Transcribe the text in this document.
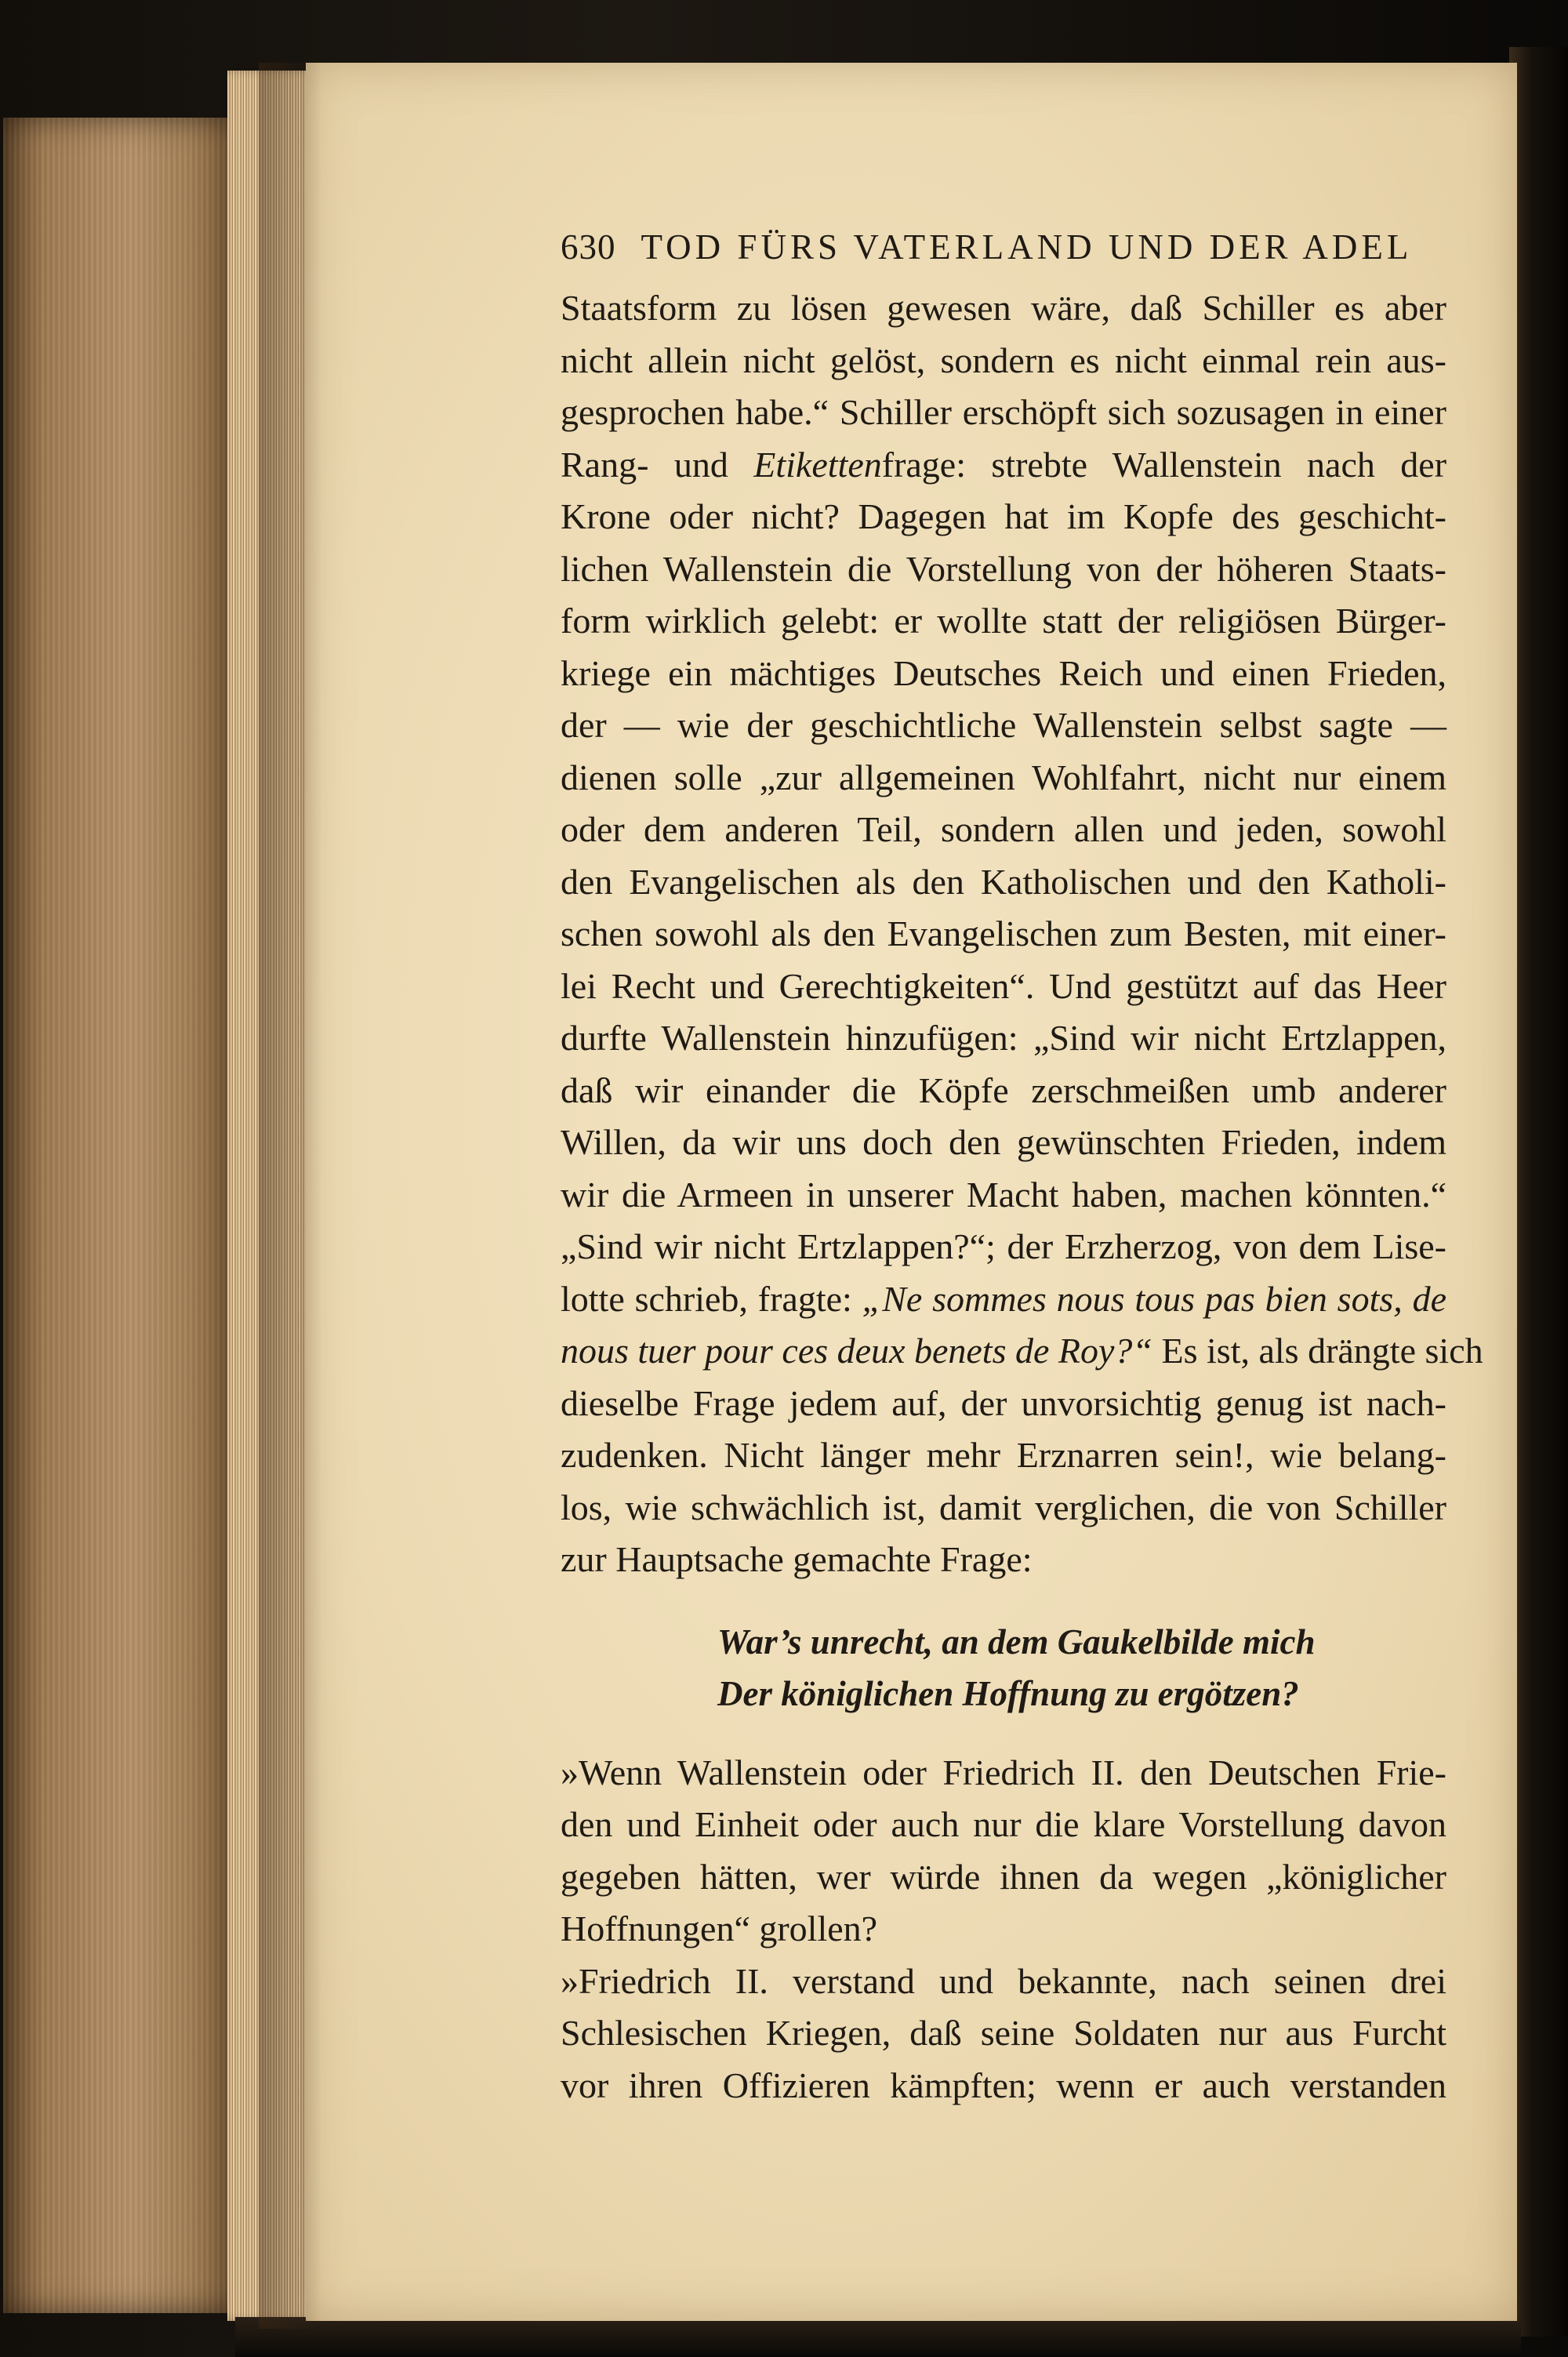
630 TOD FÜRS VATERLAND UND DER ADEL
Staatsform zu lösen gewesen wäre, daß Schiller es aber
nicht allein nicht gelöst, sondern es nicht einmal rein aus-
gesprochen habe.“ Schiller erschöpft sich sozusagen in einer
Rang- und Etikettenfrage: strebte Wallenstein nach der
Krone oder nicht? Dagegen hat im Kopfe des geschicht-
lichen Wallenstein die Vorstellung von der höheren Staats-
form wirklich gelebt: er wollte statt der religiösen Bürger-
kriege ein mächtiges Deutsches Reich und einen Frieden,
der — wie der geschichtliche Wallenstein selbst sagte —
dienen solle „zur allgemeinen Wohlfahrt, nicht nur einem
oder dem anderen Teil, sondern allen und jeden, sowohl
den Evangelischen als den Katholischen und den Katholi-
schen sowohl als den Evangelischen zum Besten, mit einer-
lei Recht und Gerechtigkeiten“. Und gestützt auf das Heer
durfte Wallenstein hinzufügen: „Sind wir nicht Ertzlappen,
daß wir einander die Köpfe zerschmeißen umb anderer
Willen, da wir uns doch den gewünschten Frieden, indem
wir die Armeen in unserer Macht haben, machen könnten.“
„Sind wir nicht Ertzlappen?“; der Erzherzog, von dem Lise-
lotte schrieb, fragte: „Ne sommes nous tous pas bien sots, de
nous tuer pour ces deux benets de Roy?“ Es ist, als drängte sich
dieselbe Frage jedem auf, der unvorsichtig genug ist nach-
zudenken. Nicht länger mehr Erznarren sein!, wie belang-
los, wie schwächlich ist, damit verglichen, die von Schiller
zur Hauptsache gemachte Frage:
War’s unrecht, an dem Gaukelbilde mich
Der königlichen Hoffnung zu ergötzen?
»Wenn Wallenstein oder Friedrich II. den Deutschen Frie-
den und Einheit oder auch nur die klare Vorstellung davon
gegeben hätten, wer würde ihnen da wegen „königlicher
Hoffnungen“ grollen?
»Friedrich II. verstand und bekannte, nach seinen drei
Schlesischen Kriegen, daß seine Soldaten nur aus Furcht
vor ihren Offizieren kämpften; wenn er auch verstanden
